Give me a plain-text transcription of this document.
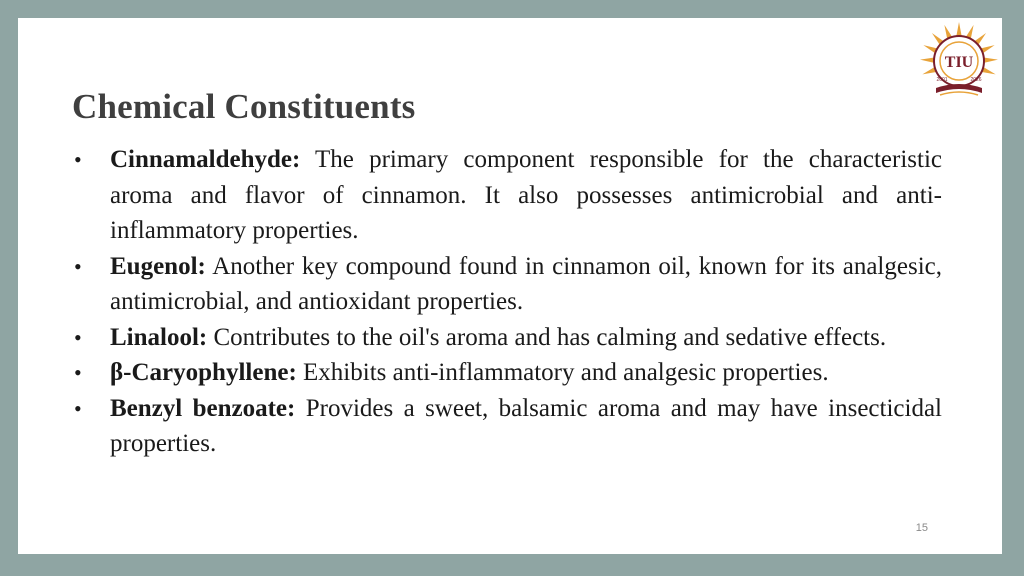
Chemical Constituents
TIU
2001	2026
• Cinnamaldehyde: The primary component responsible for the characteristic aroma and flavor of cinnamon. It also possesses antimicrobial and anti-inflammatory properties.
• Eugenol: Another key compound found in cinnamon oil, known for its analgesic, antimicrobial, and antioxidant properties.
• Linalool: Contributes to the oil's aroma and has calming and sedative effects.
• β-Caryophyllene: Exhibits anti-inflammatory and analgesic properties.
• Benzyl benzoate: Provides a sweet, balsamic aroma and may have insecticidal properties.
15
